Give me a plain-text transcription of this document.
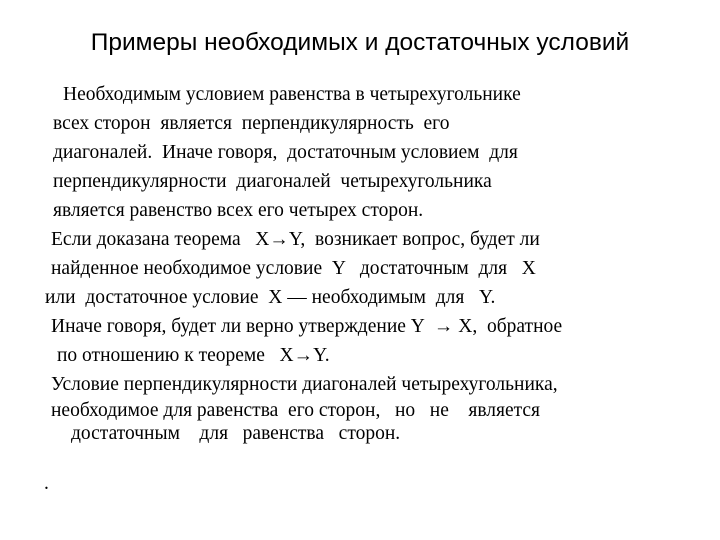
Примеры необходимых и достаточных условий
Необходимым условием равенства в четырехугольнике
всех сторон  является  перпендикулярность  его
диагоналей.  Иначе говоря,  достаточным условием  для
перпендикулярности  диагоналей  четырехугольника
является равенство всех его четырех сторон.
Если доказана теорема   X→Y,  возникает вопрос, будет ли
найденное необходимое условие  Y   достаточным  для   X
или  достаточное условие  X — необходимым  для   Y.
Иначе говоря, будет ли верно утверждение Y  → X,  обратное
по отношению к теореме   X→Y.
Условие перпендикулярности диагоналей четырехугольника,
необходимое для равенства  его сторон,   но   не    является
достаточным    для   равенства   сторон.
.
